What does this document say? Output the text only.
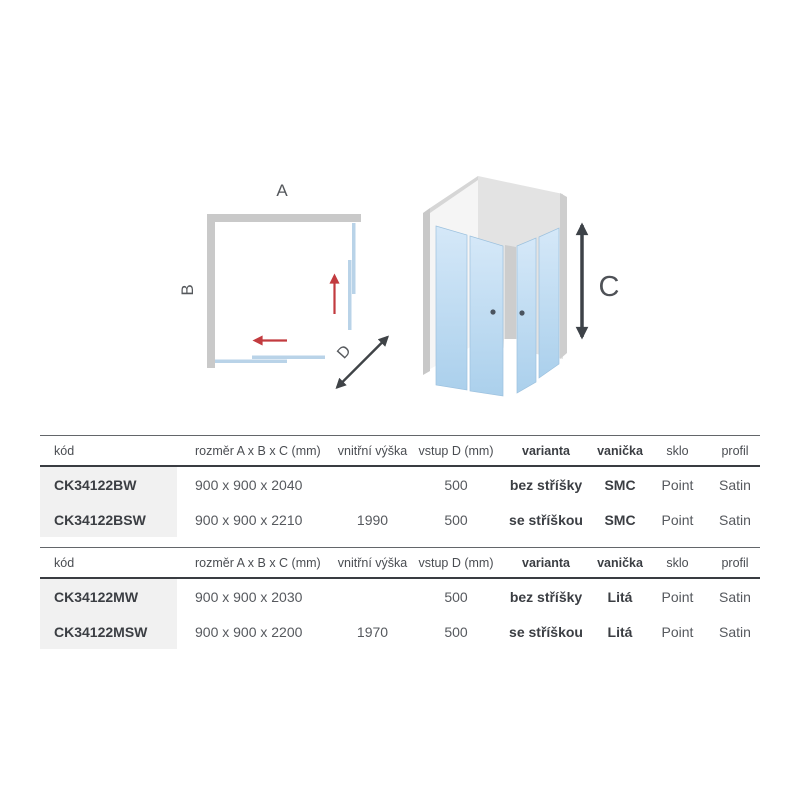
A
B
D
C
kód	rozměr A x B x C (mm)	vnitřní výška	vstup D (mm)	varianta	vanička	sklo	profil
CK34122BW	900 x 900 x 2040		500	bez stříšky	SMC	Point	Satin
CK34122BSW	900 x 900 x 2210	1990	500	se stříškou	SMC	Point	Satin
kód	rozměr A x B x C (mm)	vnitřní výška	vstup D (mm)	varianta	vanička	sklo	profil
CK34122MW	900 x 900 x 2030		500	bez stříšky	Litá	Point	Satin
CK34122MSW	900 x 900 x 2200	1970	500	se stříškou	Litá	Point	Satin
